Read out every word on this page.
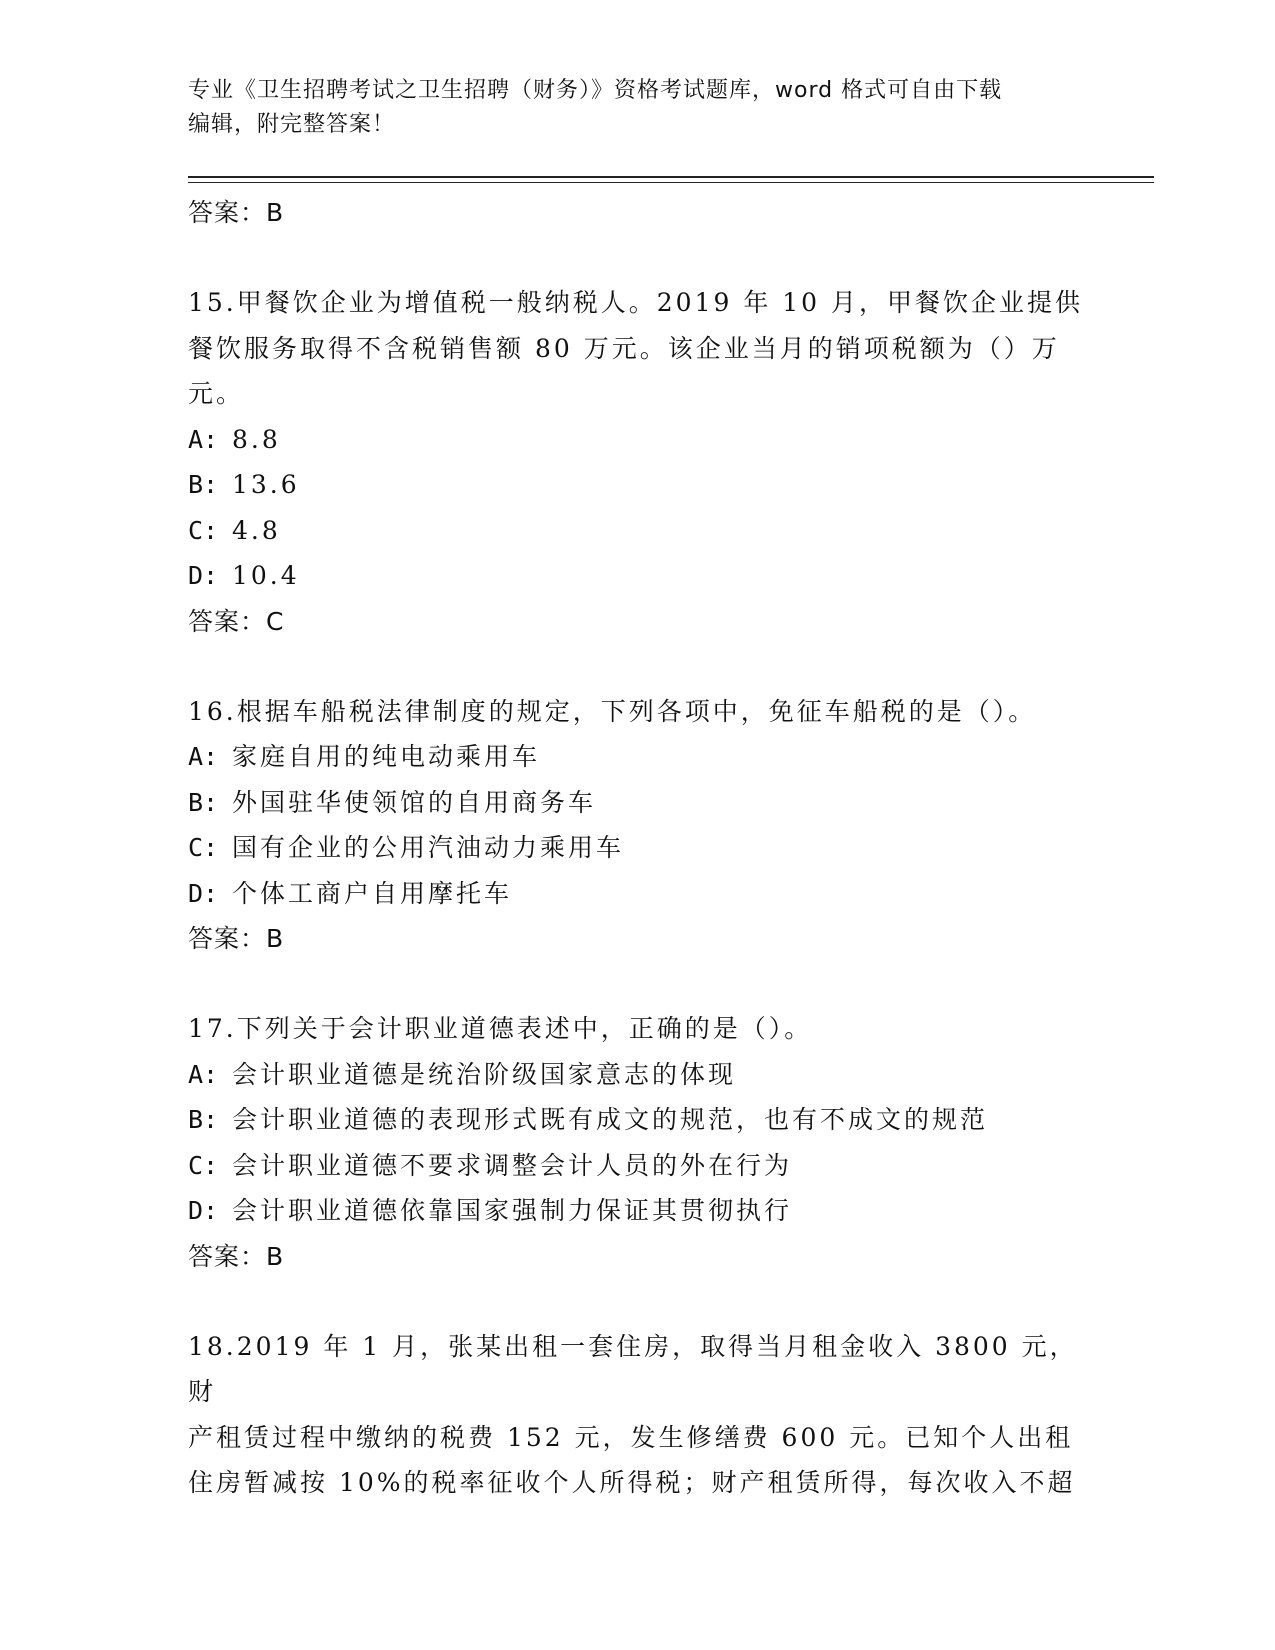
专业《卫生招聘考试之卫生招聘（财务）》资格考试题库，word 格式可自由下载
编辑，附完整答案！
答案：B
15.甲餐饮企业为增值税一般纳税人。2019 年 10 月，甲餐饮企业提供
餐饮服务取得不含税销售额 80 万元。该企业当月的销项税额为（）万
元。
A: 8.8
B: 13.6
C: 4.8
D: 10.4
答案：C
16.根据车船税法律制度的规定，下列各项中，免征车船税的是（）。
A: 家庭自用的纯电动乘用车
B: 外国驻华使领馆的自用商务车
C: 国有企业的公用汽油动力乘用车
D: 个体工商户自用摩托车
答案：B
17.下列关于会计职业道德表述中，正确的是（）。
A: 会计职业道德是统治阶级国家意志的体现
B: 会计职业道德的表现形式既有成文的规范，也有不成文的规范
C: 会计职业道德不要求调整会计人员的外在行为
D: 会计职业道德依靠国家强制力保证其贯彻执行
答案：B
18.2019 年 1 月，张某出租一套住房，取得当月租金收入 3800 元，财
产租赁过程中缴纳的税费 152 元，发生修缮费 600 元。已知个人出租
住房暂减按 10%的税率征收个人所得税；财产租赁所得，每次收入不超
